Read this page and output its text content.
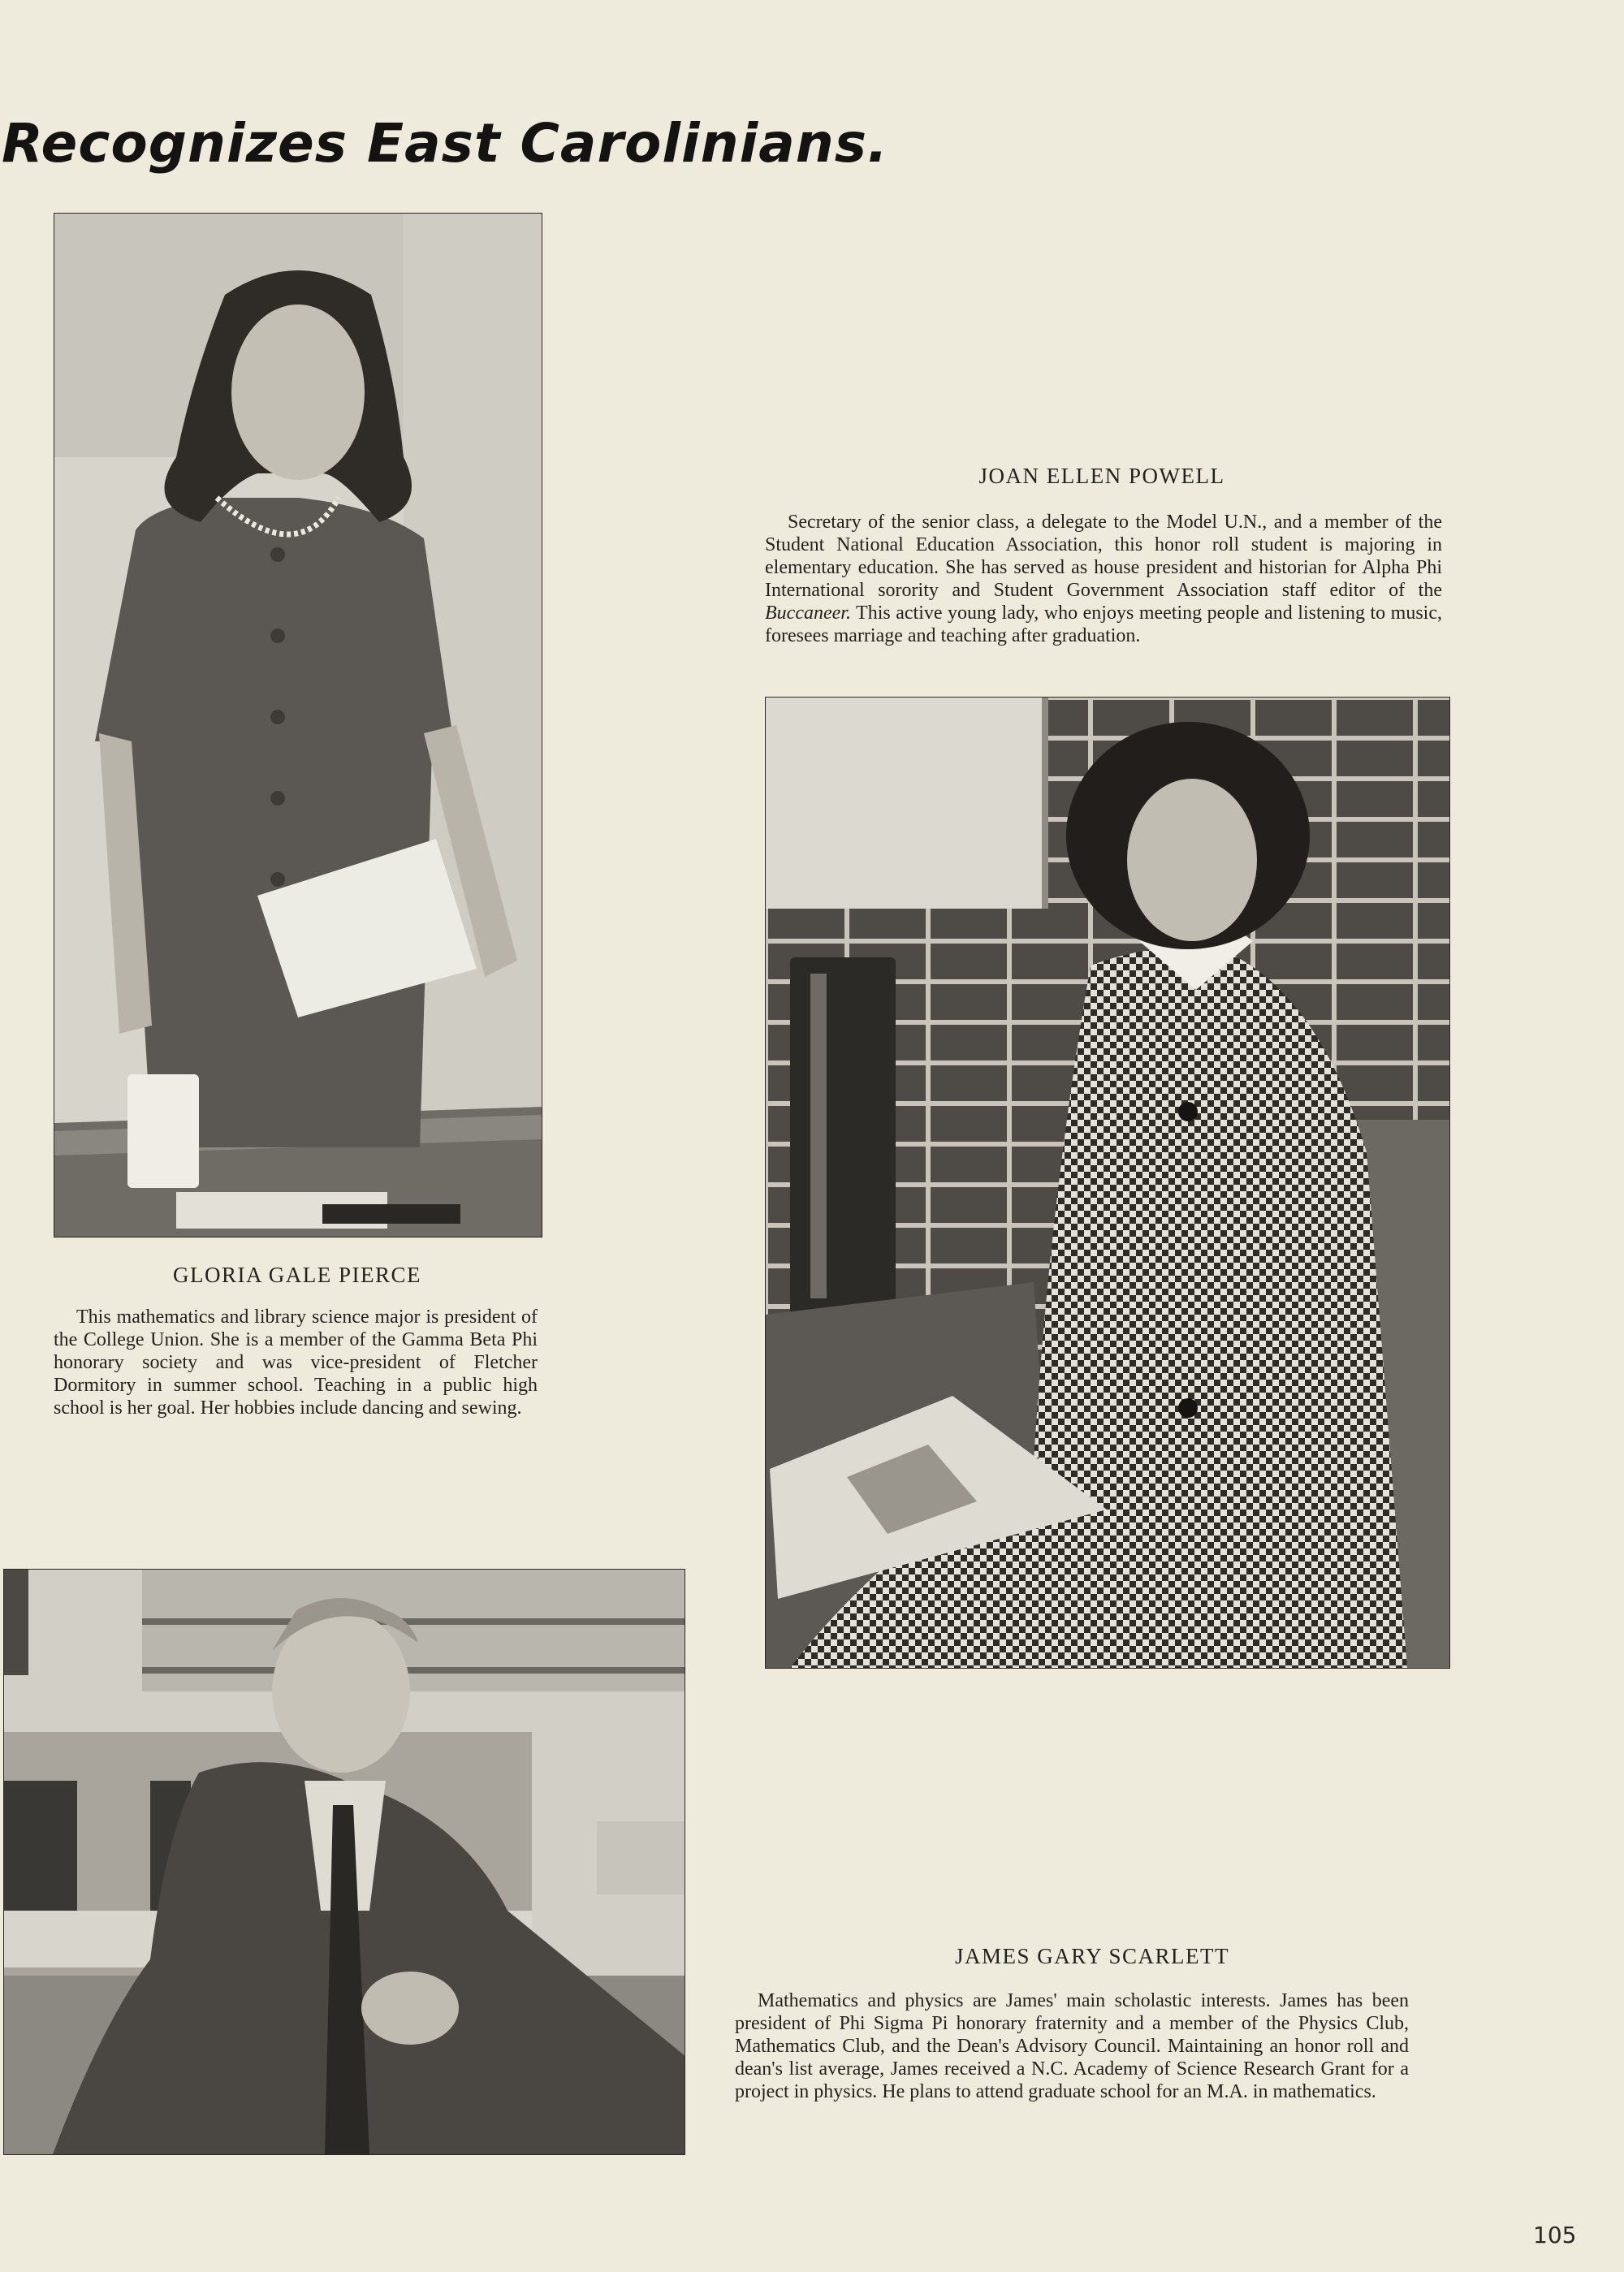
Recognizes East Carolinians.
GLORIA GALE PIERCE

This mathematics and library science major is president of the College Union. She is a member of the Gamma Beta Phi honorary society and was vice-president of Fletcher Dormitory in summer school. Teaching in a public high school is her goal. Her hobbies include dancing and sewing.

JOAN ELLEN POWELL

Secretary of the senior class, a delegate to the Model U.N., and a member of the Student National Education Association, this honor roll student is majoring in elementary education. She has served as house president and historian for Alpha Phi International sorority and Student Government Association staff editor of the Buccaneer. This active young lady, who enjoys meeting people and listening to music, foresees marriage and teaching after graduation.

JAMES GARY SCARLETT

Mathematics and physics are James' main scholastic interests. James has been president of Phi Sigma Pi honorary fraternity and a member of the Physics Club, Mathematics Club, and the Dean's Advisory Council. Maintaining an honor roll and dean's list average, James received a N.C. Academy of Science Research Grant for a project in physics. He plans to attend graduate school for an M.A. in mathematics.

105
